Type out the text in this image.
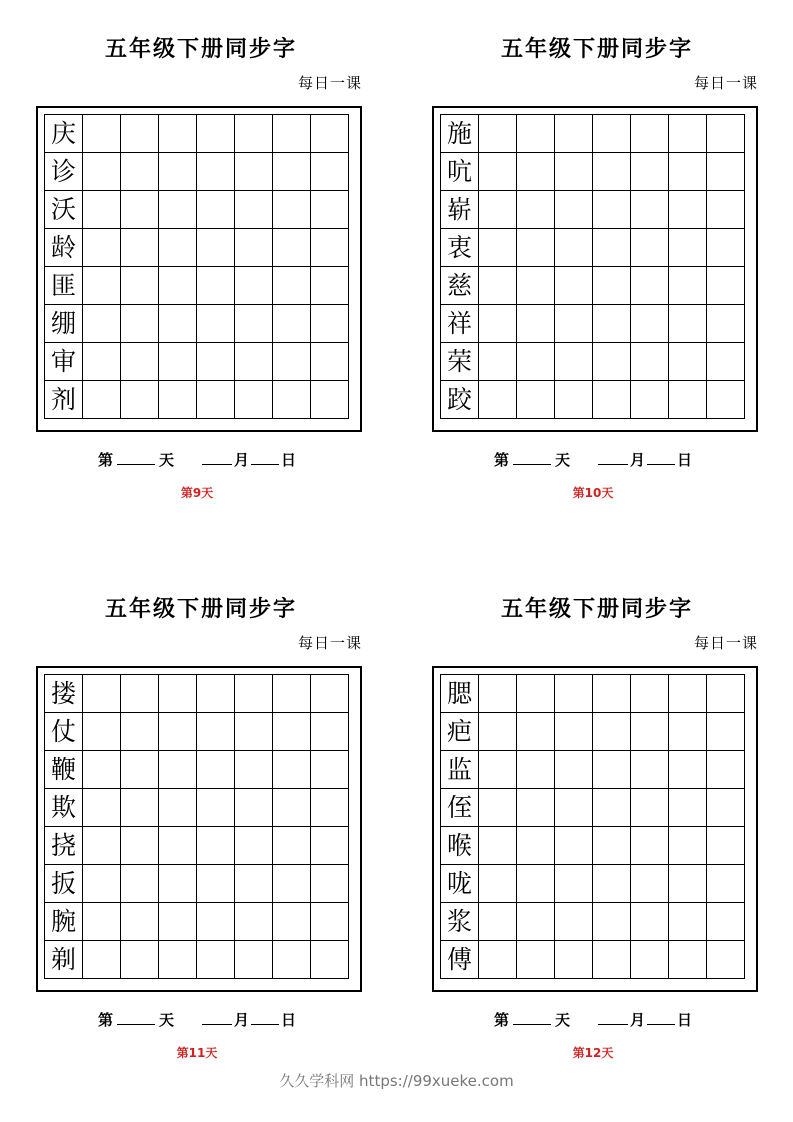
五年级下册同步字
每日一课
庆
诊
沃
龄
匪
绷
审
剂
第	天	月 日
第9天
五年级下册同步字
每日一课
施
吭
崭
衷
慈
祥
荣
跤
第	天	月 日
第10天
五年级下册同步字
每日一课
搂
仗
鞭
欺
挠
扳
腕
剃
第	天	月 日
第11天
五年级下册同步字
每日一课
腮
疤
监
侄
喉
咙
浆
傅
第	天	月 日
第12天
久久学科网 https://99xueke.com
